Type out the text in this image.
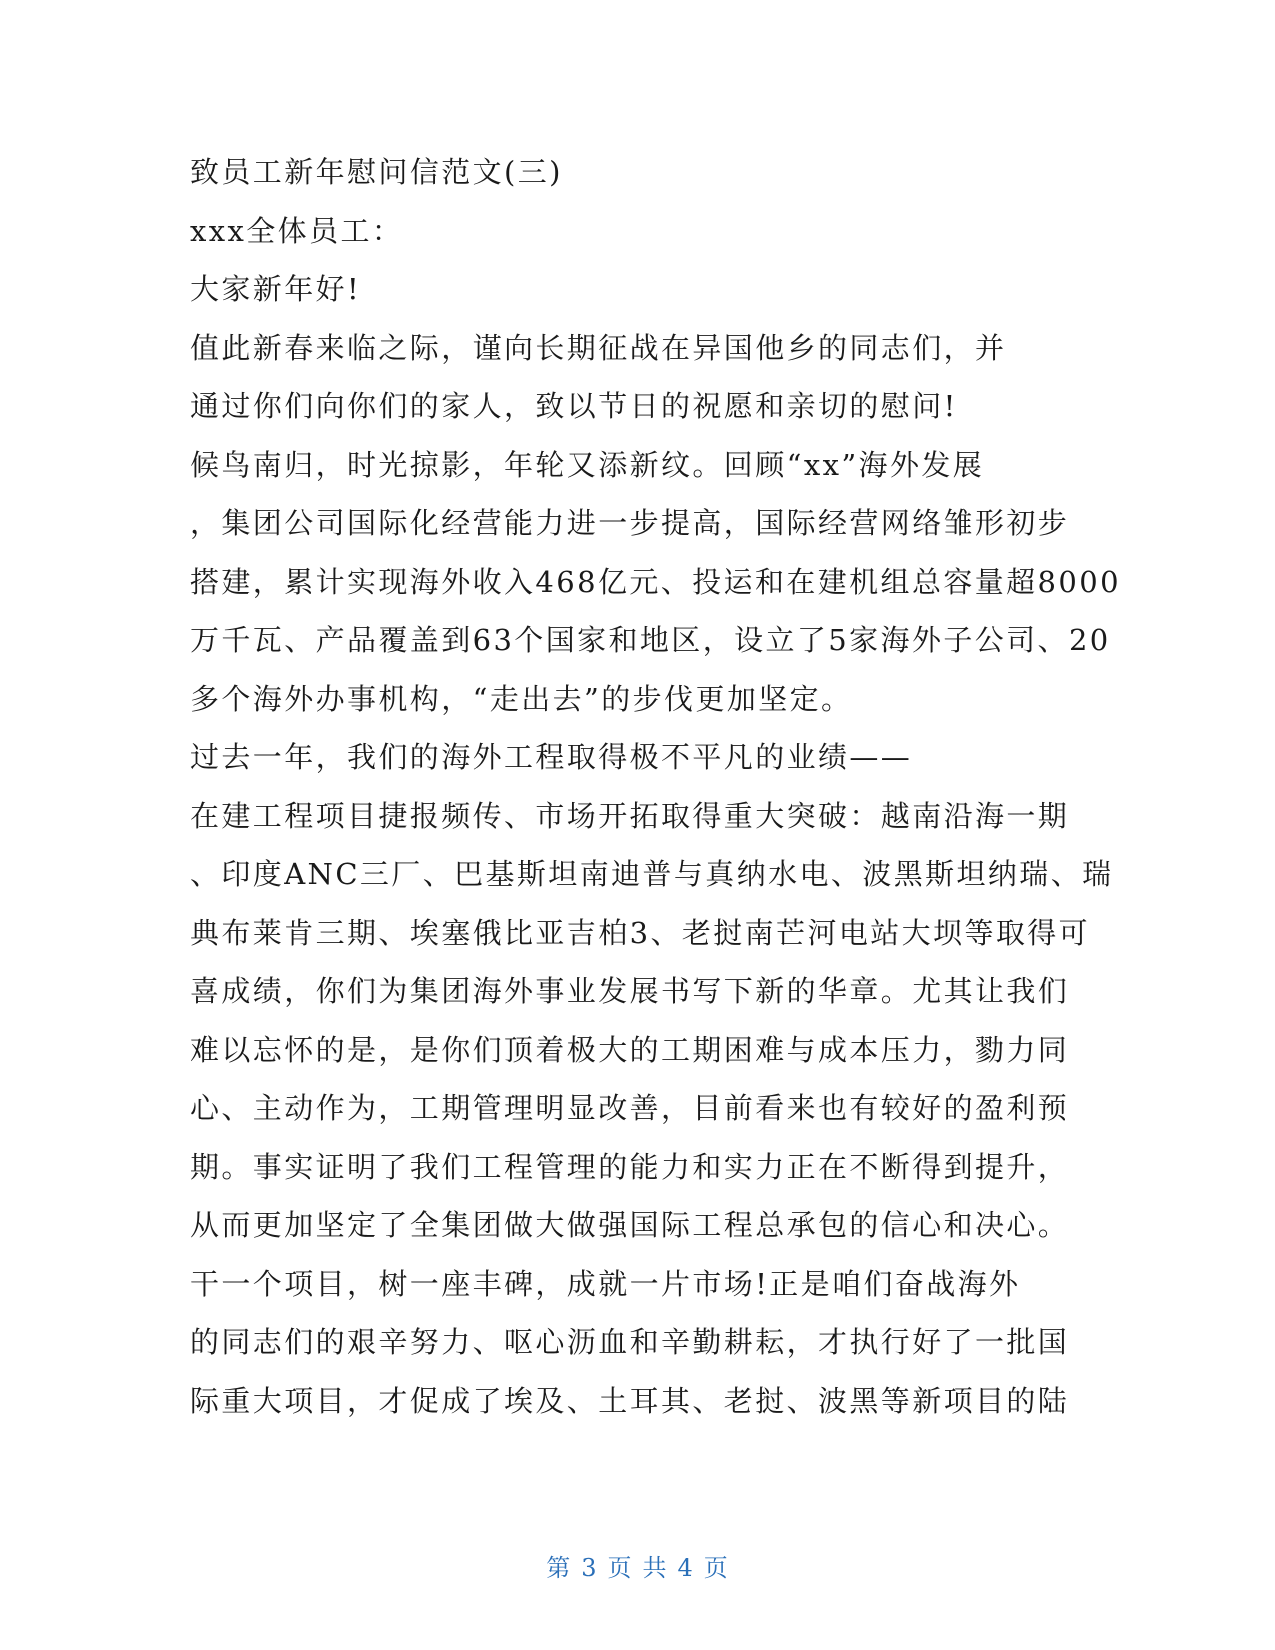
致员工新年慰问信范文(三)

xxx全体员工：

大家新年好!

值此新春来临之际，谨向长期征战在异国他乡的同志们，并

通过你们向你们的家人，致以节日的祝愿和亲切的慰问!

候鸟南归，时光掠影，年轮又添新纹。回顾“xx”海外发展

，集团公司国际化经营能力进一步提高，国际经营网络雏形初步

搭建，累计实现海外收入468亿元、投运和在建机组总容量超8000

万千瓦、产品覆盖到63个国家和地区，设立了5家海外子公司、20

多个海外办事机构，“走出去”的步伐更加坚定。

过去一年，我们的海外工程取得极不平凡的业绩——

在建工程项目捷报频传、市场开拓取得重大突破：越南沿海一期

、印度ANC三厂、巴基斯坦南迪普与真纳水电、波黑斯坦纳瑞、瑞

典布莱肯三期、埃塞俄比亚吉柏3、老挝南芒河电站大坝等取得可

喜成绩，你们为集团海外事业发展书写下新的华章。尤其让我们

难以忘怀的是，是你们顶着极大的工期困难与成本压力，勠力同

心、主动作为，工期管理明显改善，目前看来也有较好的盈利预

期。事实证明了我们工程管理的能力和实力正在不断得到提升，

从而更加坚定了全集团做大做强国际工程总承包的信心和决心。

干一个项目，树一座丰碑，成就一片市场!正是咱们奋战海外

的同志们的艰辛努力、呕心沥血和辛勤耕耘，才执行好了一批国

际重大项目，才促成了埃及、土耳其、老挝、波黑等新项目的陆

第 3 页 共 4 页
